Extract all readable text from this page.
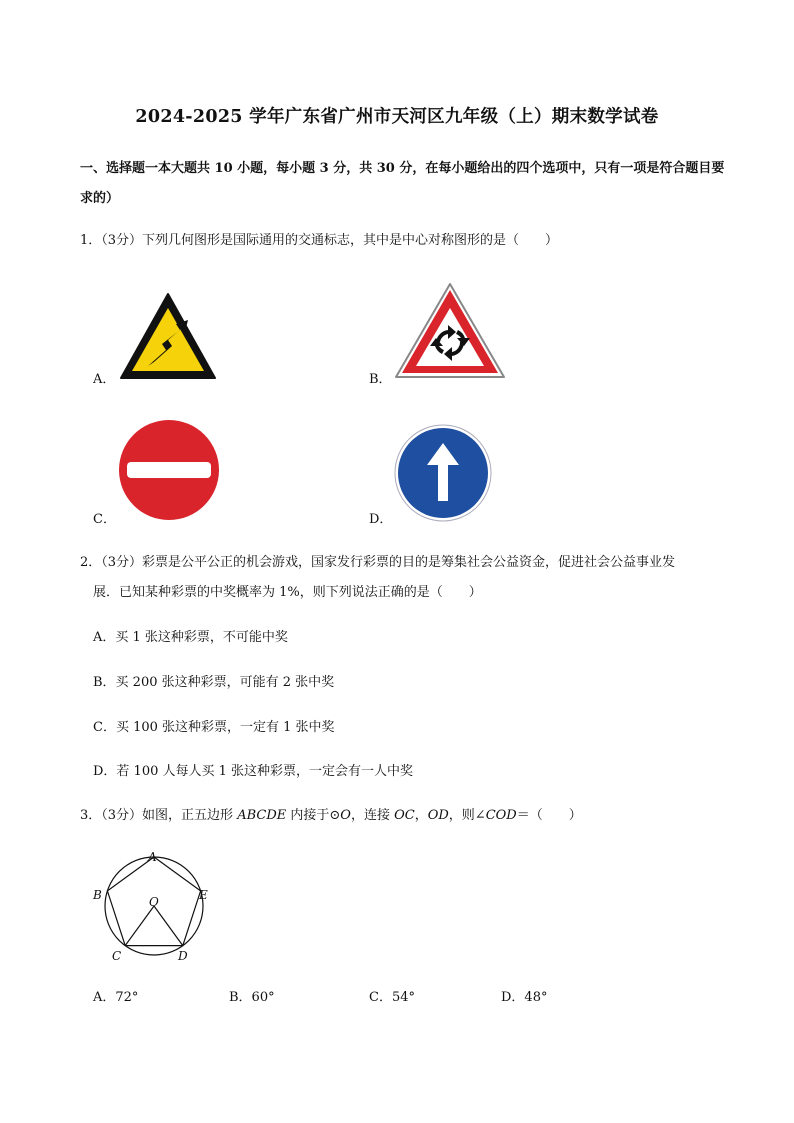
2024-2025 学年广东省广州市天河区九年级（上）期末数学试卷
一、选择题一本大题共 10 小题，每小题 3 分，共 30 分，在每小题给出的四个选项中，只有一项是符合题目要求的）
1．（3分）下列几何图形是国际通用的交通标志，其中是中心对称图形的是（　　）
A．	B．
C．	D．
2．（3分）彩票是公平公正的机会游戏，国家发行彩票的目的是筹集社会公益资金，促进社会公益事业发
展．已知某种彩票的中奖概率为 1%，则下列说法正确的是（　　）
A．买 1 张这种彩票，不可能中奖
B．买 200 张这种彩票，可能有 2 张中奖
C．买 100 张这种彩票，一定有 1 张中奖
D．若 100 人每人买 1 张这种彩票，一定会有一人中奖
3．（3分）如图，正五边形 ABCDE 内接于⊙O，连接 OC，OD，则∠COD＝（　　）
A
B
C	D
E
O
A．72°	B．60°	C．54°	D．48°
